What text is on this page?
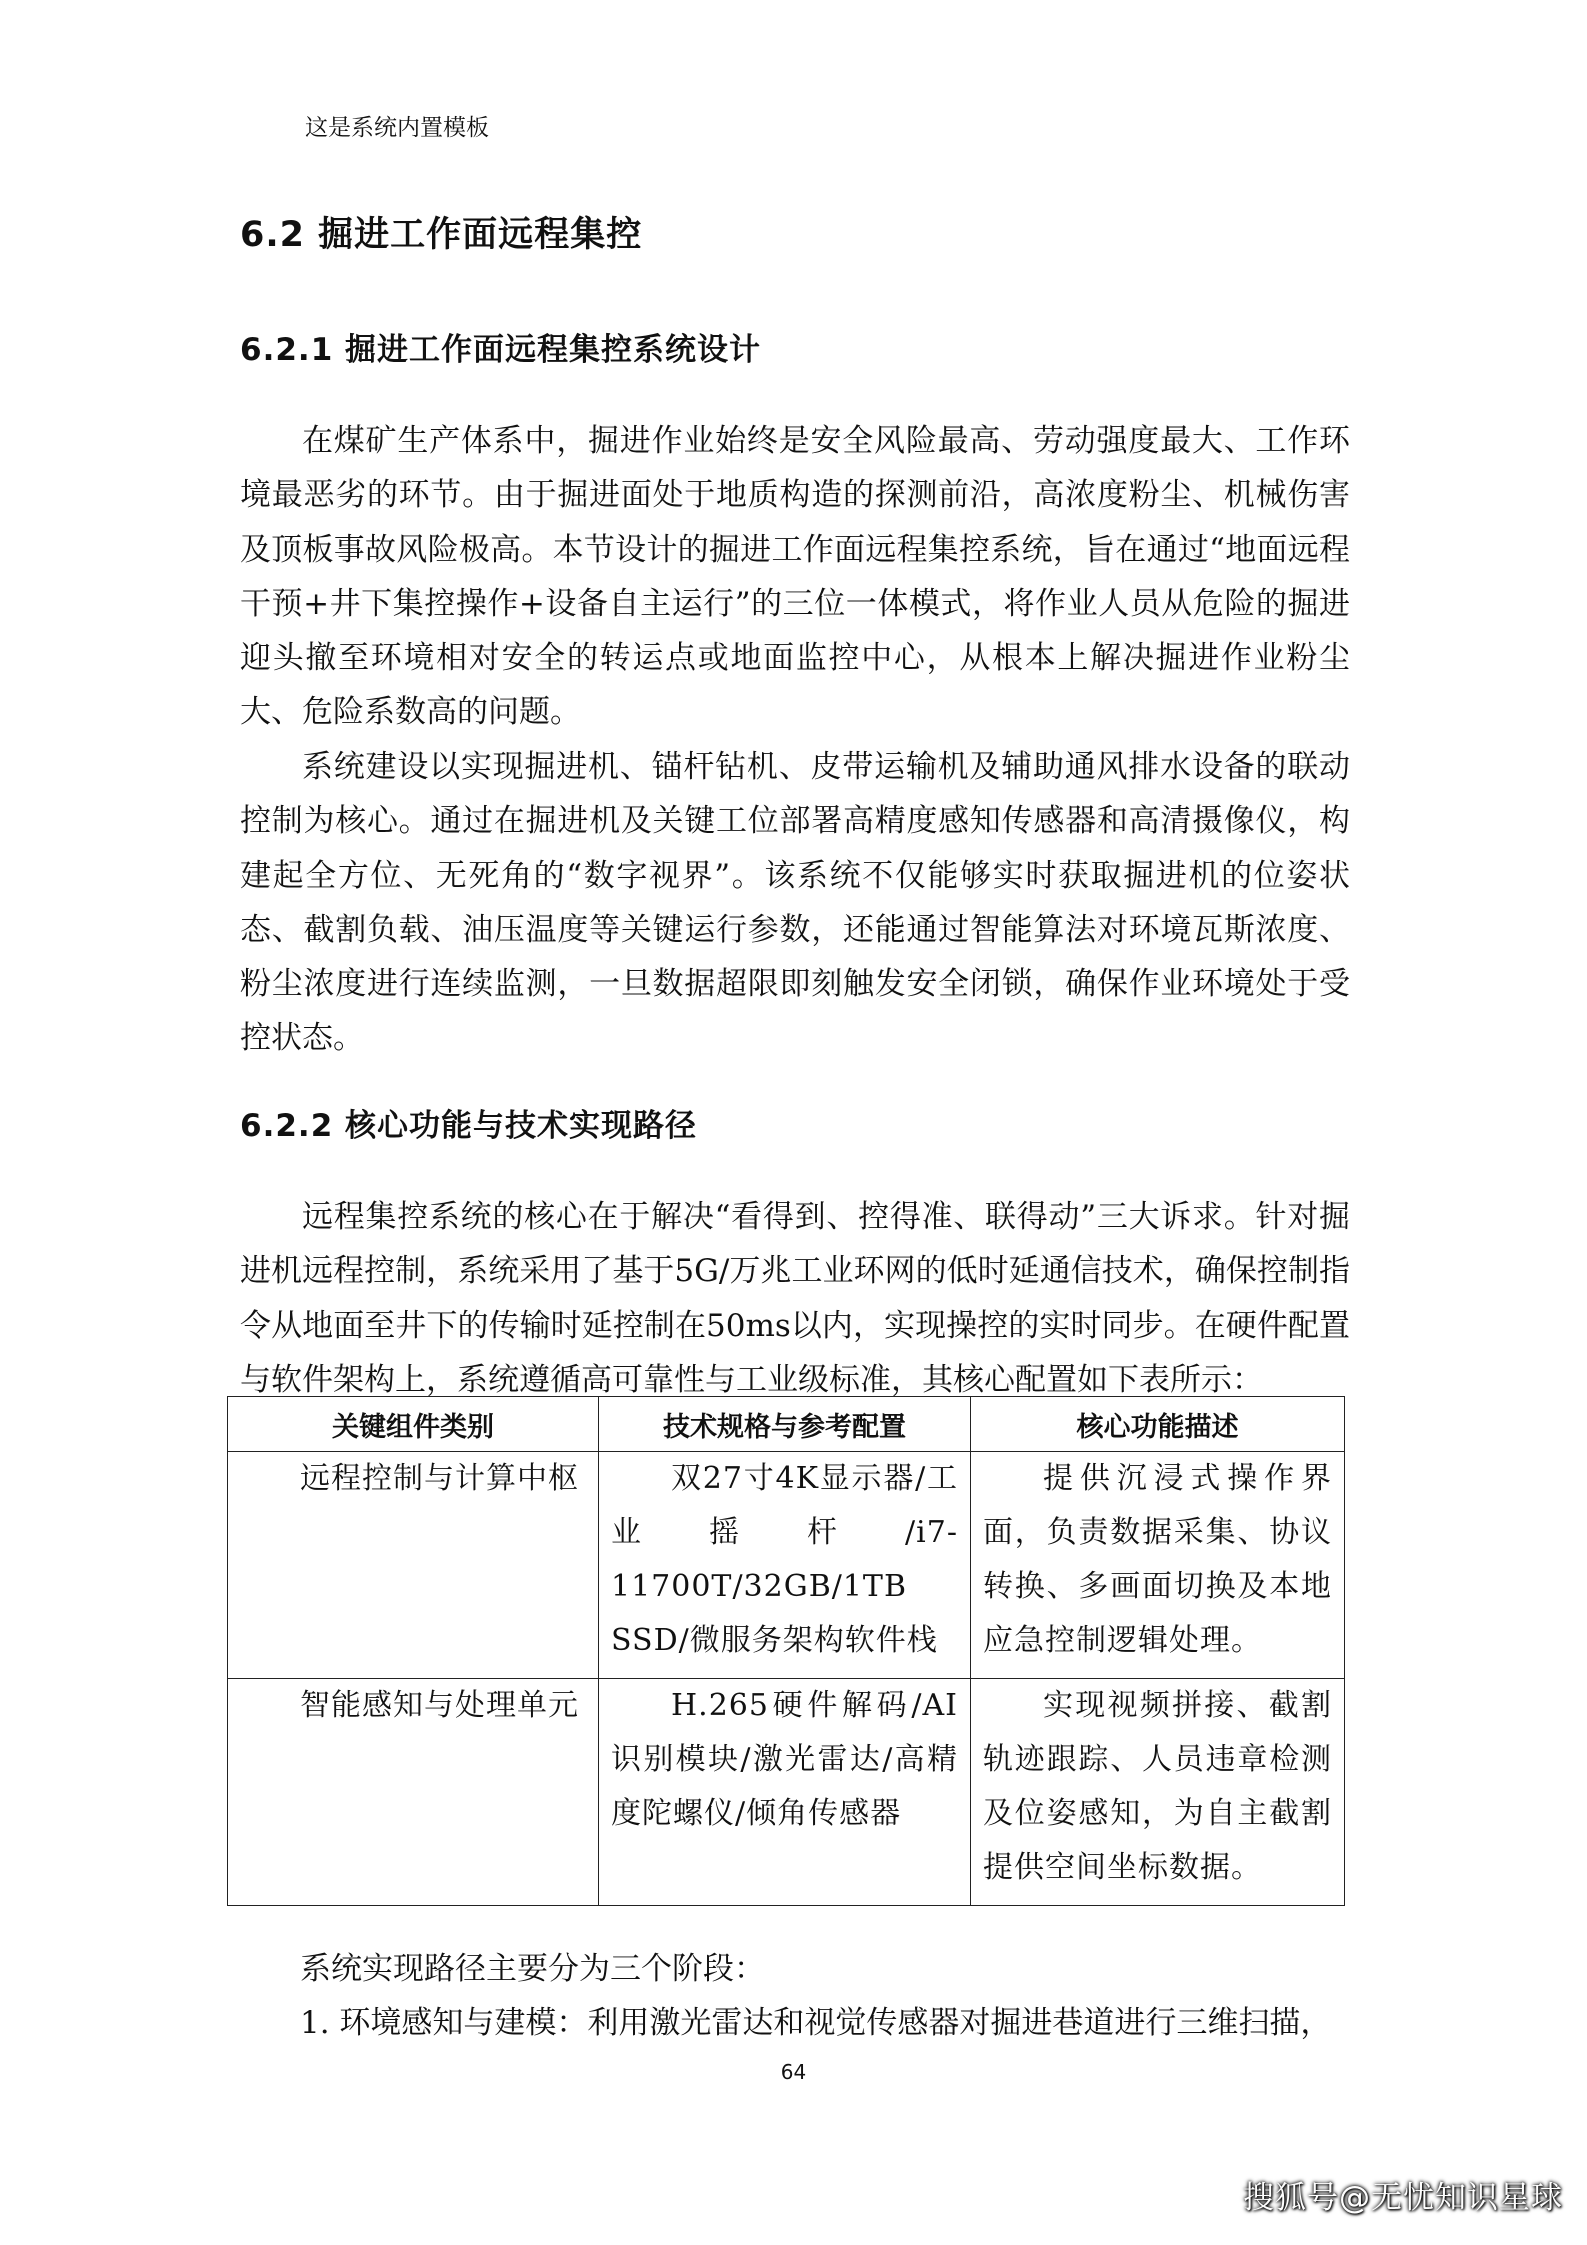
这是系统内置模板
6.2 掘进工作面远程集控
6.2.1 掘进工作面远程集控系统设计

在煤矿生产体系中，掘进作业始终是安全风险最高、劳动强度最大、工作环境最恶劣的环节。由于掘进面处于地质构造的探测前沿，高浓度粉尘、机械伤害及顶板事故风险极高。本节设计的掘进工作面远程集控系统，旨在通过“地面远程干预+井下集控操作+设备自主运行”的三位一体模式，将作业人员从危险的掘进迎头撤至环境相对安全的转运点或地面监控中心，从根本上解决掘进作业粉尘大、危险系数高的问题。

系统建设以实现掘进机、锚杆钻机、皮带运输机及辅助通风排水设备的联动控制为核心。通过在掘进机及关键工位部署高精度感知传感器和高清摄像仪，构建起全方位、无死角的“数字视界”。该系统不仅能够实时获取掘进机的位姿状态、截割负载、油压温度等关键运行参数，还能通过智能算法对环境瓦斯浓度、粉尘浓度进行连续监测，一旦数据超限即刻触发安全闭锁，确保作业环境处于受控状态。

6.2.2 核心功能与技术实现路径

远程集控系统的核心在于解决“看得到、控得准、联得动”三大诉求。针对掘进机远程控制，系统采用了基于5G/万兆工业环网的低时延通信技术，确保控制指令从地面至井下的传输时延控制在50ms以内，实现操控的实时同步。在硬件配置与软件架构上，系统遵循高可靠性与工业级标准，其核心配置如下表所示：

关键组件类别	技术规格与参考配置	核心功能描述
远程控制与计算中枢	双27寸4K显示器/工业摇杆/i7-11700T/32GB/1TB SSD/微服务架构软件栈	提供沉浸式操作界面，负责数据采集、协议转换、多画面切换及本地应急控制逻辑处理。
智能感知与处理单元	H.265硬件解码/AI识别模块/激光雷达/高精度陀螺仪/倾角传感器	实现视频拼接、截割轨迹跟踪、人员违章检测及位姿感知，为自主截割提供空间坐标数据。

系统实现路径主要分为三个阶段：

1. 环境感知与建模：利用激光雷达和视觉传感器对掘进巷道进行三维扫描，

64
搜狐号@无忧知识星球
